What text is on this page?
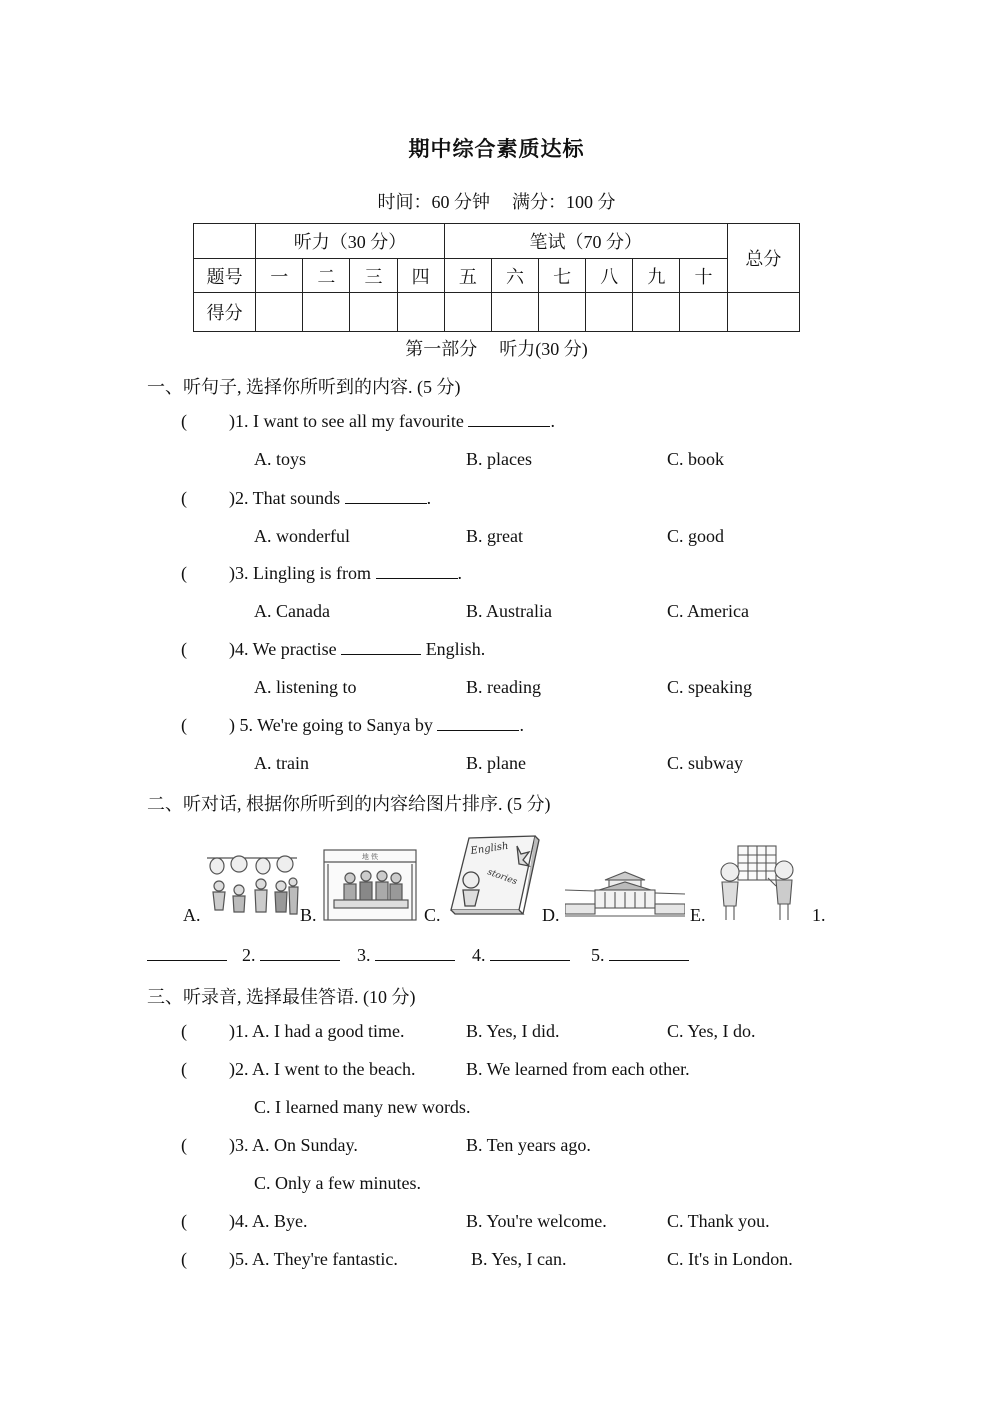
期中综合素质达标
时间：60 分钟 满分：100 分
	听力（30 分）				笔试（70 分）						总分
题号	一	二	三	四	五	六	七	八	九	十	
得分											
第一部分 听力(30 分)
一、听句子, 选择你所听到的内容. (5 分)
( )1. I want to see all my favourite	.
A. toys	B. places	C. book
( )2. That sounds	.
A. wonderful	B. great	C. good
( )3. Lingling is from	.
A. Canada	B. Australia	C. America
( )4. We practise	English.
A. listening to	B. reading	C. speaking
( ) 5. We're going to Sanya by	.
A. train	B. plane	C. subway
二、听对话, 根据你所听到的内容给图片排序. (5 分)
A.
地 铁
B.
English
stories
C.	D.	E.	1.
2.	3.	4.	5.
三、听录音, 选择最佳答语. (10 分)
( )1. A. I had a good time.	B. Yes, I did.	C. Yes, I do.
( )2. A. I went to the beach.	B. We learned from each other.
C. I learned many new words.
( )3. A. On Sunday.	B. Ten years ago.
C. Only a few minutes.
( )4. A. Bye.	B. You're welcome.	C. Thank you.
( )5. A. They're fantastic.	B. Yes, I can.	C. It's in London.
